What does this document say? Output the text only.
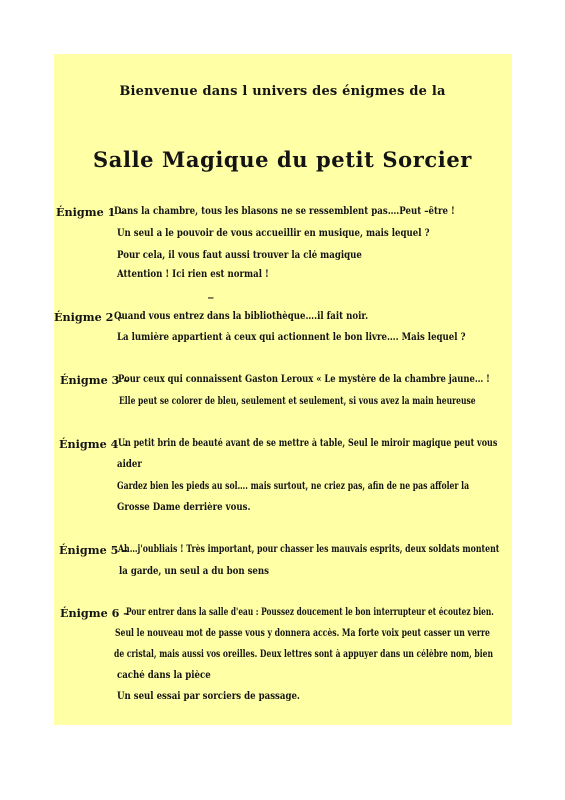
Bienvenue dans l univers des énigmes de la
Salle Magique du petit Sorcier
Énigme 1 –
Dans la chambre, tous les blasons ne se ressemblent pas….Peut –être !
Un seul a le pouvoir de vous accueillir en musique, mais lequel ?
Pour cela, il vous faut aussi trouver la clé magique
Attention ! Ici rien est normal !
_
Énigme 2 –
Quand vous entrez dans la bibliothèque….il fait noir.
La lumière appartient à ceux qui actionnent le bon livre…. Mais lequel ?
Énigme 3 –
Pour ceux qui connaissent Gaston Leroux « Le mystère de la chambre jaune… !
Elle peut se colorer de bleu, seulement et seulement, si vous avez la main heureuse
Énigme 4 –
Un petit brin de beauté avant de se mettre à table, Seul le miroir magique peut vous
aider
Gardez bien les pieds au sol…. mais surtout, ne criez pas, afin de ne pas affoler la
Grosse Dame derrière vous.
Énigme 5 –
Ah…j'oubliais ! Très important, pour chasser les mauvais esprits, deux soldats montent
la garde, un seul a du bon sens
Énigme 6 –
Pour entrer dans la salle d'eau : Poussez doucement le bon interrupteur et écoutez bien.
Seul le nouveau mot de passe vous y donnera accès. Ma forte voix peut casser un verre
de cristal, mais aussi vos oreilles. Deux lettres sont à appuyer dans un célèbre nom, bien
caché dans la pièce
Un seul essai par sorciers de passage.
